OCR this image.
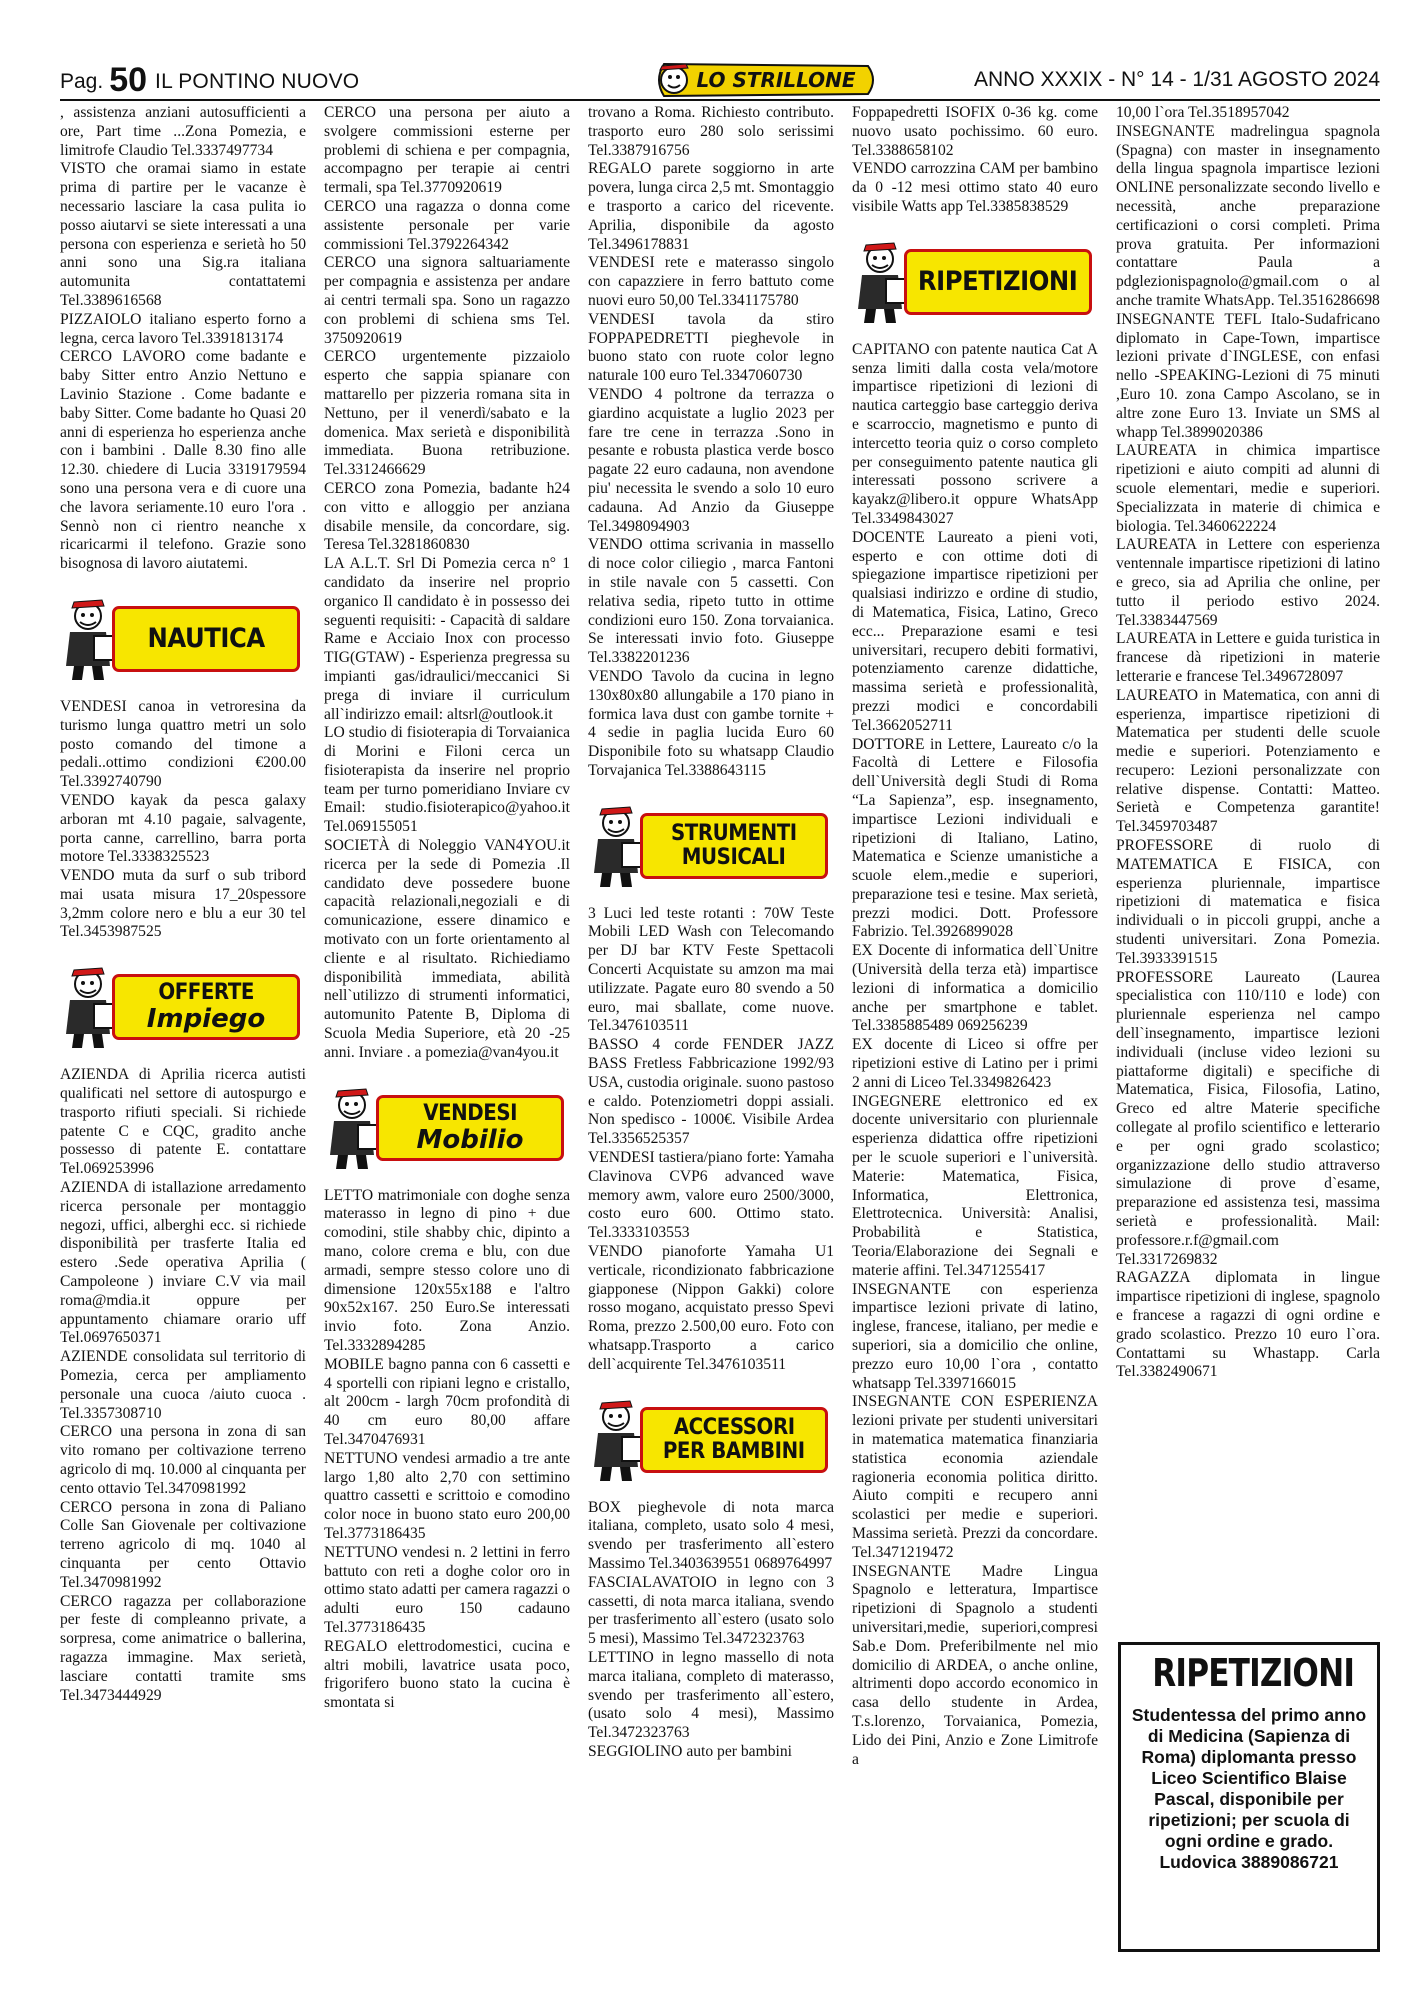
Pag. 50 IL PONTINO NUOVO	LO STRILLONE	ANNO XXXIX - N° 14 - 1/31 AGOSTO 2024

, assistenza anziani autosufficienti a ore, Part time ...Zona Pomezia, e limitrofe Claudio Tel.3337497734

VISTO che oramai siamo in estate prima di partire per le vacanze è necessario lasciare la casa pulita io posso aiutarvi se siete interessati a una persona con esperienza e serietà ho 50 anni sono una Sig.ra italiana automunita contattatemi Tel.3389616568

PIZZAIOLO italiano esperto forno a legna, cerca lavoro Tel.3391813174

CERCO LAVORO come badante e baby Sitter entro Anzio Nettuno e Lavinio Stazione . Come badante e baby Sitter. Come badante ho Quasi 20 anni di esperienza ho esperienza anche con i bambini . Dalle 8.30 fino alle 12.30. chiedere di Lucia 3319179594 sono una persona vera e di cuore una che lavora seriamente.10 euro l'ora . Sennò non ci rientro neanche x ricaricarmi il telefono. Grazie sono bisognosa di lavoro aiutatemi.

NAUTICA

VENDESI canoa in vetroresina da turismo lunga quattro metri un solo posto comando del timone a pedali..ottimo condizioni €200.00 Tel.3392740790

VENDO kayak da pesca galaxy arboran mt 4.10 pagaie, salvagente, porta canne, carrellino, barra porta motore Tel.3338325523

VENDO muta da surf o sub tribord mai usata misura 17_20spessore 3,2mm colore nero e blu a eur 30 tel Tel.3453987525

OFFERTE
Impiego

AZIENDA di Aprilia ricerca autisti qualificati nel settore di autospurgo e trasporto rifiuti speciali. Si richiede patente C e CQC, gradito anche possesso di patente E. contattare Tel.069253996

AZIENDA di istallazione arredamento ricerca personale per montaggio negozi, uffici, alberghi ecc. si richiede disponibilità per trasferte Italia ed estero .Sede operativa Aprilia ( Campoleone ) inviare C.V via mail roma@mdia.it oppure per appuntamento chiamare orario uff Tel.0697650371

AZIENDE consolidata sul territorio di Pomezia, cerca per ampliamento personale una cuoca /aiuto cuoca . Tel.3357308710

CERCO una persona in zona di san vito romano per coltivazione terreno agricolo di mq. 10.000 al cinquanta per cento ottavio Tel.3470981992

CERCO persona in zona di Paliano Colle San Giovenale per coltivazione terreno agricolo di mq. 1040 al cinquanta per cento Ottavio Tel.3470981992

CERCO ragazza per collaborazione per feste di compleanno private, a sorpresa, come animatrice o ballerina, ragazza immagine. Max serietà, lasciare contatti tramite sms Tel.3473444929

CERCO una persona per aiuto a svolgere commissioni esterne per problemi di schiena e per compagnia, accompagno per terapie ai centri termali, spa Tel.3770920619

CERCO una ragazza o donna come assistente personale per varie commissioni Tel.3792264342

CERCO una signora saltuariamente per compagnia e assistenza per andare ai centri termali spa. Sono un ragazzo con problemi di schiena sms Tel. 3750920619

CERCO urgentemente pizzaiolo esperto che sappia spianare con mattarello per pizzeria romana sita in Nettuno, per il venerdì/sabato e la domenica. Max serietà e disponibilità immediata. Buona retribuzione. Tel.3312466629

CERCO zona Pomezia, badante h24 con vitto e alloggio per anziana disabile mensile, da concordare, sig. Teresa Tel.3281860830

LA A.L.T. Srl Di Pomezia cerca n° 1 candidato da inserire nel proprio organico Il candidato è in possesso dei seguenti requisiti: - Capacità di saldare Rame e Acciaio Inox con processo TIG(GTAW) - Esperienza pregressa su impianti gas/idraulici/meccanici Si prega di inviare il curriculum all`indirizzo email: altsrl@outlook.it

LO studio di fisioterapia di Torvaianica di Morini e Filoni cerca un fisioterapista da inserire nel proprio team per turno pomeridiano Inviare cv Email: studio.fisioterapico@yahoo.it Tel.069155051

SOCIETÀ di Noleggio VAN4YOU.it ricerca per la sede di Pomezia .Il candidato deve possedere buone capacità relazionali,negoziali e di comunicazione, essere dinamico e motivato con un forte orientamento al cliente e al risultato. Richiediamo disponibilità immediata, abilità nell`utilizzo di strumenti informatici, automunito Patente B, Diploma di Scuola Media Superiore, età 20 -25 anni. Inviare . a pomezia@van4you.it

VENDESI
Mobilio

LETTO matrimoniale con doghe senza materasso in legno di pino + due comodini, stile shabby chic, dipinto a mano, colore crema e blu, con due armadi, sempre stesso colore uno di dimensione 120x55x188 e l'altro 90x52x167. 250 Euro.Se interessati invio foto. Zona Anzio. Tel.3332894285

MOBILE bagno panna con 6 cassetti e 4 sportelli con ripiani legno e cristallo, alt 200cm - largh 70cm profondità di 40 cm euro 80,00 affare Tel.3470476931

NETTUNO vendesi armadio a tre ante largo 1,80 alto 2,70 con settimino quattro cassetti e scrittoio e comodino color noce in buono stato euro 200,00 Tel.3773186435

NETTUNO vendesi n. 2 lettini in ferro battuto con reti a doghe color oro in ottimo stato adatti per camera ragazzi o adulti euro 150 cadauno Tel.3773186435

REGALO elettrodomestici, cucina e altri mobili, lavatrice usata poco, frigorifero buono stato la cucina è smontata si

trovano a Roma. Richiesto contributo. trasporto euro 280 solo serissimi Tel.3387916756

REGALO parete soggiorno in arte povera, lunga circa 2,5 mt. Smontaggio e trasporto a carico del ricevente. Aprilia, disponibile da agosto Tel.3496178831

VENDESI rete e materasso singolo con capazziere in ferro battuto come nuovi euro 50,00 Tel.3341175780

VENDESI tavola da stiro FOPPAPEDRETTI pieghevole in buono stato con ruote color legno naturale 100 euro Tel.3347060730

VENDO 4 poltrone da terrazza o giardino acquistate a luglio 2023 per fare tre cene in terrazza .Sono in pesante e robusta plastica verde bosco pagate 22 euro cadauna, non avendone piu' necessita le svendo a solo 10 euro cadauna. Ad Anzio da Giuseppe Tel.3498094903

VENDO ottima scrivania in massello di noce color ciliegio , marca Fantoni in stile navale con 5 cassetti. Con relativa sedia, ripeto tutto in ottime condizioni euro 150. Zona torvaianica. Se interessati invio foto. Giuseppe Tel.3382201236

VENDO Tavolo da cucina in legno 130x80x80 allungabile a 170 piano in formica lava dust con gambe tornite + 4 sedie in paglia lucida Euro 60 Disponibile foto su whatsapp Claudio Torvajanica Tel.3388643115

STRUMENTI
MUSICALI

3 Luci led teste rotanti : 70W Teste Mobili LED Wash con Telecomando per DJ bar KTV Feste Spettacoli Concerti Acquistate su amzon ma mai utilizzate. Pagate euro 80 svendo a 50 euro, mai sballate, come nuove. Tel.3476103511

BASSO 4 corde FENDER JAZZ BASS Fretless Fabbricazione 1992/93 USA, custodia originale. suono pastoso e caldo. Potenziometri doppi assiali. Non spedisco - 1000€. Visibile Ardea Tel.3356525357

VENDESI tastiera/piano forte: Yamaha Clavinova CVP6 advanced wave memory awm, valore euro 2500/3000, costo euro 600. Ottimo stato. Tel.3333103553

VENDO pianoforte Yamaha U1 verticale, ricondizionato fabbricazione giapponese (Nippon Gakki) colore rosso mogano, acquistato presso Spevi Roma, prezzo 2.500,00 euro. Foto con whatsapp.Trasporto a carico dell`acquirente Tel.3476103511

ACCESSORI
PER BAMBINI

BOX pieghevole di nota marca italiana, completo, usato solo 4 mesi, svendo per trasferimento all`estero Massimo Tel.3403639551 0689764997

FASCIALAVATOIO in legno con 3 cassetti, di nota marca italiana, svendo per trasferimento all`estero (usato solo 5 mesi), Massimo Tel.3472323763

LETTINO in legno massello di nota marca italiana, completo di materasso, svendo per trasferimento all`estero, (usato solo 4 mesi), Massimo Tel.3472323763

SEGGIOLINO auto per bambini

Foppapedretti ISOFIX 0-36 kg. come nuovo usato pochissimo. 60 euro. Tel.3388658102

VENDO carrozzina CAM per bambino da 0 -12 mesi ottimo stato 40 euro visibile Watts app Tel.3385838529

RIPETIZIONI

CAPITANO con patente nautica Cat A senza limiti dalla costa vela/motore impartisce ripetizioni di lezioni di nautica carteggio base carteggio deriva e scarroccio, magnetismo e punto di intercetto teoria quiz o corso completo per conseguimento patente nautica gli interessati possono scrivere a kayakz@libero.it oppure WhatsApp Tel.3349843027

DOCENTE Laureato a pieni voti, esperto e con ottime doti di spiegazione impartisce ripetizioni per qualsiasi indirizzo e ordine di studio, di Matematica, Fisica, Latino, Greco ecc... Preparazione esami e tesi universitari, recupero debiti formativi, potenziamento carenze didattiche, massima serietà e professionalità, prezzi modici e concordabili Tel.3662052711

DOTTORE in Lettere, Laureato c/o la Facoltà di Lettere e Filosofia dell`Università degli Studi di Roma “La Sapienza”, esp. insegnamento, impartisce Lezioni individuali e ripetizioni di Italiano, Latino, Matematica e Scienze umanistiche a scuole elem.,medie e superiori, preparazione tesi e tesine. Max serietà, prezzi modici. Dott. Professore Fabrizio. Tel.3926899028

EX Docente di informatica dell`Unitre (Università della terza età) impartisce lezioni di informatica a domicilio anche per smartphone e tablet. Tel.3385885489 069256239

EX docente di Liceo si offre per ripetizioni estive di Latino per i primi 2 anni di Liceo Tel.3349826423

INGEGNERE elettronico ed ex docente universitario con pluriennale esperienza didattica offre ripetizioni per le scuole superiori e l`università. Materie: Matematica, Fisica, Informatica, Elettronica, Elettrotecnica. Università: Analisi, Probabilità e Statistica, Teoria/Elaborazione dei Segnali e materie affini. Tel.3471255417

INSEGNANTE con esperienza impartisce lezioni private di latino, inglese, francese, italiano, per medie e superiori, sia a domicilio che online, prezzo euro 10,00 l`ora , contatto whatsapp Tel.3397166015

INSEGNANTE CON ESPERIENZA lezioni private per studenti universitari in matematica matematica finanziaria statistica economia aziendale ragioneria economia politica diritto. Aiuto compiti e recupero anni scolastici per medie e superiori. Massima serietà. Prezzi da concordare. Tel.3471219472

INSEGNANTE Madre Lingua Spagnolo e letteratura, Impartisce ripetizioni di Spagnolo a studenti universitari,medie, superiori,compresi Sab.e Dom. Preferibilmente nel mio domicilio di ARDEA, o anche online, altrimenti dopo accordo economico in casa dello studente in Ardea, T.s.lorenzo, Torvaianica, Pomezia, Lido dei Pini, Anzio e Zone Limitrofe a

10,00 l`ora Tel.3518957042

INSEGNANTE madrelingua spagnola (Spagna) con master in insegnamento della lingua spagnola impartisce lezioni ONLINE personalizzate secondo livello e necessità, anche preparazione certificazioni o corsi completi. Prima prova gratuita. Per informazioni contattare Paula a pdglezionispagnolo@gmail.com o al anche tramite WhatsApp. Tel.3516286698

INSEGNANTE TEFL Italo-Sudafricano diplomato in Cape-Town, impartisce lezioni private d`INGLESE, con enfasi nello -SPEAKING-Lezioni di 75 minuti ,Euro 10. zona Campo Ascolano, se in altre zone Euro 13. Inviate un SMS al whapp Tel.3899020386

LAUREATA in chimica impartisce ripetizioni e aiuto compiti ad alunni di scuole elementari, medie e superiori. Specializzata in materie di chimica e biologia. Tel.3460622224

LAUREATA in Lettere con esperienza ventennale impartisce ripetizioni di latino e greco, sia ad Aprilia che online, per tutto il periodo estivo 2024. Tel.3383447569

LAUREATA in Lettere e guida turistica in francese dà ripetizioni in materie letterarie e francese Tel.3496728097

LAUREATO in Matematica, con anni di esperienza, impartisce ripetizioni di Matematica per studenti delle scuole medie e superiori. Potenziamento e recupero: Lezioni personalizzate con relative dispense. Contatti: Matteo. Serietà e Competenza garantite! Tel.3459703487

PROFESSORE di ruolo di MATEMATICA E FISICA, con esperienza pluriennale, impartisce ripetizioni di matematica e fisica individuali o in piccoli gruppi, anche a studenti universitari. Zona Pomezia. Tel.3933391515

PROFESSORE Laureato (Laurea specialistica con 110/110 e lode) con pluriennale esperienza nel campo dell`insegnamento, impartisce lezioni individuali (incluse video lezioni su piattaforme digitali) e specifiche di Matematica, Fisica, Filosofia, Latino, Greco ed altre Materie specifiche collegate al profilo scientifico e letterario e per ogni grado scolastico; organizzazione dello studio attraverso simulazione di prove d`esame, preparazione ed assistenza tesi, massima serietà e professionalità. Mail: professore.r.f@gmail.com Tel.3317269832

RAGAZZA diplomata in lingue impartisce ripetizioni di inglese, spagnolo e francese a ragazzi di ogni ordine e grado scolastico. Prezzo 10 euro l`ora. Contattami su Whastapp. Carla Tel.3382490671

RIPETIZIONI
Studentessa del primo anno di Medicina (Sapienza di Roma) diplomanta presso Liceo Scientifico Blaise Pascal, disponibile per ripetizioni; per scuola di ogni ordine e grado. Ludovica 3889086721
